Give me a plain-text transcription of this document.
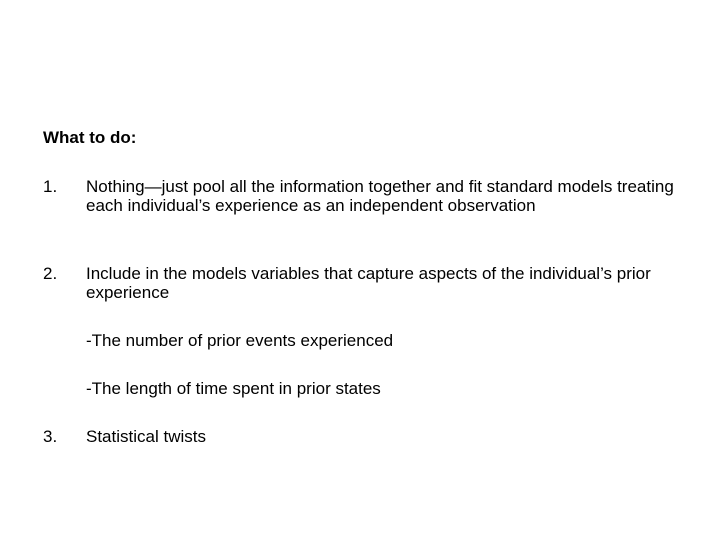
What to do:

1. Nothing—just pool all the information together and fit standard models treating each individual’s experience as an independent observation
2. Include in the models variables that capture aspects of the individual’s prior experience
-The number of prior events experienced
-The length of time spent in prior states
3. Statistical twists
